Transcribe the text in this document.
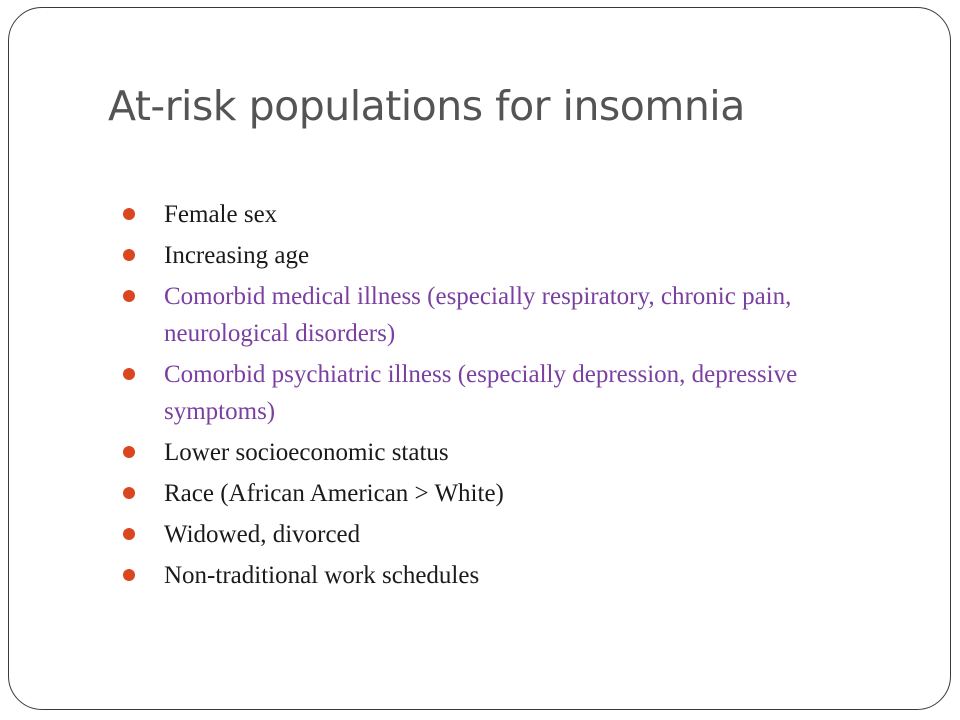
At-risk populations for insomnia
Female sex
Increasing age
Comorbid medical illness (especially respiratory, chronic pain, neurological disorders)
Comorbid psychiatric illness (especially depression, depressive symptoms)
Lower socioeconomic status
Race (African American > White)
Widowed, divorced
Non-traditional work schedules
